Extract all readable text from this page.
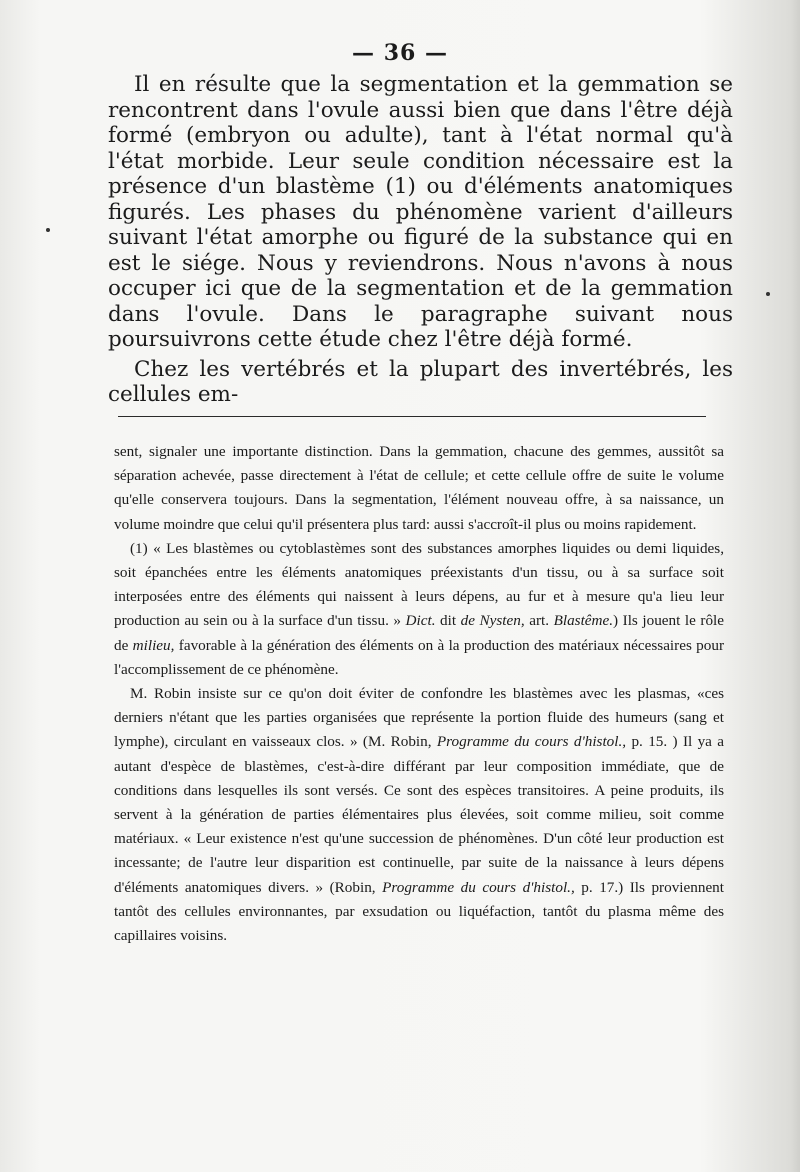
— 36 —

Il en résulte que la segmentation et la gemmation se rencontrent dans l'ovule aussi bien que dans l'être déjà formé (embryon ou adulte), tant à l'état normal qu'à l'état morbide. Leur seule condition nécessaire est la présence d'un blastème (1) ou d'éléments anatomiques figurés. Les phases du phénomène varient d'ailleurs suivant l'état amorphe ou figuré de la substance qui en est le siége. Nous y reviendrons. Nous n'avons à nous occuper ici que de la segmentation et de la gemmation dans l'ovule. Dans le paragraphe suivant nous poursuivrons cette étude chez l'être déjà formé.

Chez les vertébrés et la plupart des invertébrés, les cellules em-

sent, signaler une importante distinction. Dans la gemmation, chacune des gemmes, aussitôt sa séparation achevée, passe directement à l'état de cellule; et cette cellule offre de suite le volume qu'elle conservera toujours. Dans la segmentation, l'élément nouveau offre, à sa naissance, un volume moindre que celui qu'il présentera plus tard: aussi s'accroît-il plus ou moins rapidement.

(1) « Les blastèmes ou cytoblastèmes sont des substances amorphes liquides ou demi liquides, soit épanchées entre les éléments anatomiques préexistants d'un tissu, ou à sa surface soit interposées entre des éléments qui naissent à leurs dépens, au fur et à mesure qu'a lieu leur production au sein ou à la surface d'un tissu. » Dict. dit de Nysten, art. Blastême.) Ils jouent le rôle de milieu, favorable à la génération des éléments on à la production des matériaux nécessaires pour l'accomplissement de ce phénomène.

M. Robin insiste sur ce qu'on doit éviter de confondre les blastèmes avec les plasmas, «ces derniers n'étant que les parties organisées que représente la portion fluide des humeurs (sang et lymphe), circulant en vaisseaux clos. » (M. Robin, Programme du cours d'histol., p. 15. ) Il ya a autant d'espèce de blastèmes, c'est-à-dire différant par leur composition immédiate, que de conditions dans lesquelles ils sont versés. Ce sont des espèces transitoires. A peine produits, ils servent à la génération de parties élémentaires plus élevées, soit comme milieu, soit comme matériaux. « Leur existence n'est qu'une succession de phénomènes. D'un côté leur production est incessante; de l'autre leur disparition est continuelle, par suite de la naissance à leurs dépens d'éléments anatomiques divers. » (Robin, Programme du cours d'histol., p. 17.) Ils proviennent tantôt des cellules environnantes, par exsudation ou liquéfaction, tantôt du plasma même des capillaires voisins.
